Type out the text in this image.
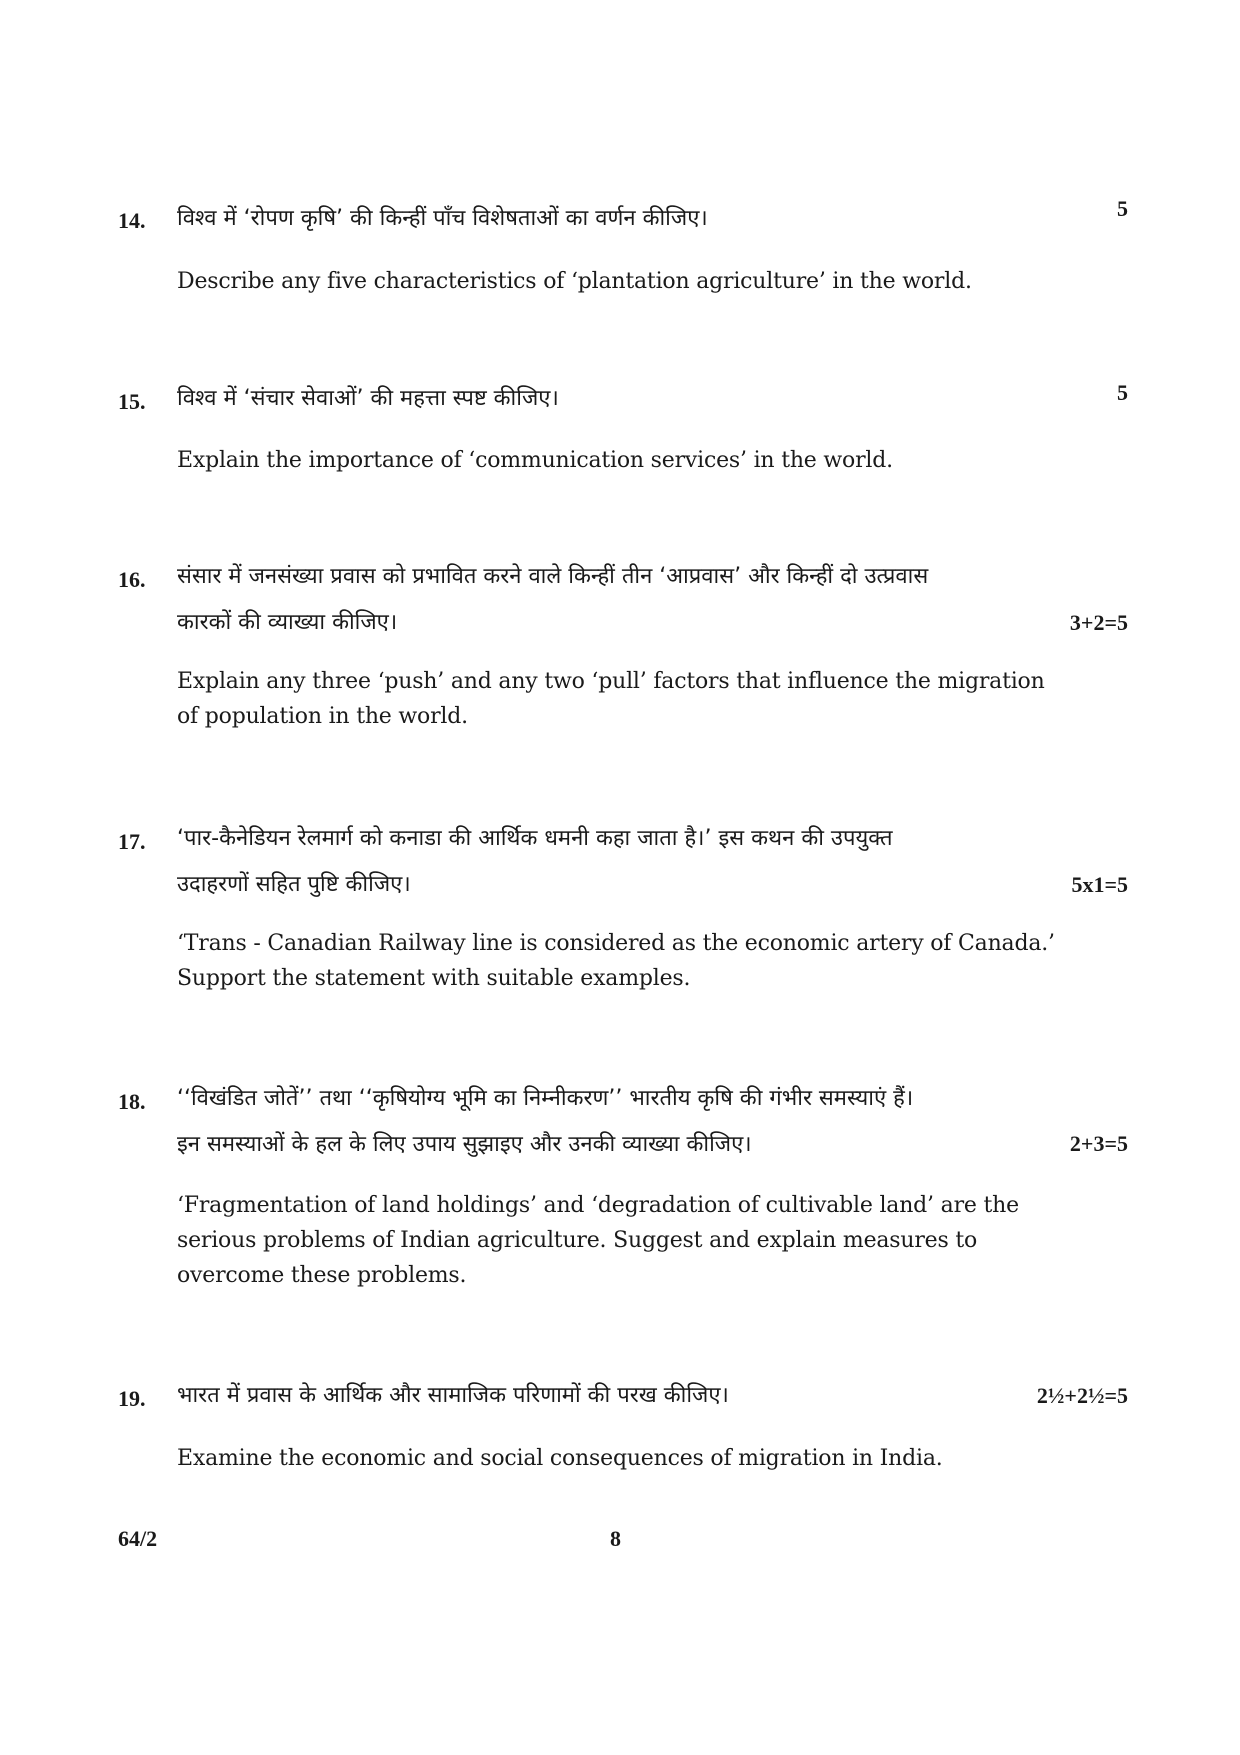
14. विश्व में ‘रोपण कृषि’ की किन्हीं पाँच विशेषताओं का वर्णन कीजिए।	5
Describe any five characteristics of ‘plantation agriculture’ in the world.
15. विश्व में ‘संचार सेवाओं’ की महत्ता स्पष्ट कीजिए।	5
Explain the importance of ‘communication services’ in the world.
16. संसार में जनसंख्या प्रवास को प्रभावित करने वाले किन्हीं तीन ‘आप्रवास’ और किन्हीं दो उत्प्रवास
कारकों की व्याख्या कीजिए।	3+2=5
Explain any three ‘push’ and any two ‘pull’ factors that influence the migration of population in the world.
17. ‘पार-कैनेडियन रेलमार्ग को कनाडा की आर्थिक धमनी कहा जाता है।’ इस कथन की उपयुक्त
उदाहरणों सहित पुष्टि कीजिए।	5x1=5
‘Trans - Canadian Railway line is considered as the economic artery of Canada.’ Support the statement with suitable examples.
18. ‘‘विखंडित जोतें’’ तथा ‘‘कृषियोग्य भूमि का निम्नीकरण’’ भारतीय कृषि की गंभीर समस्याएं हैं।
इन समस्याओं के हल के लिए उपाय सुझाइए और उनकी व्याख्या कीजिए।	2+3=5
‘Fragmentation of land holdings’ and ‘degradation of cultivable land’ are the serious problems of Indian agriculture. Suggest and explain measures to overcome these problems.
19. भारत में प्रवास के आर्थिक और सामाजिक परिणामों की परख कीजिए।	2½+2½=5
Examine the economic and social consequences of migration in India.
64/2	8
